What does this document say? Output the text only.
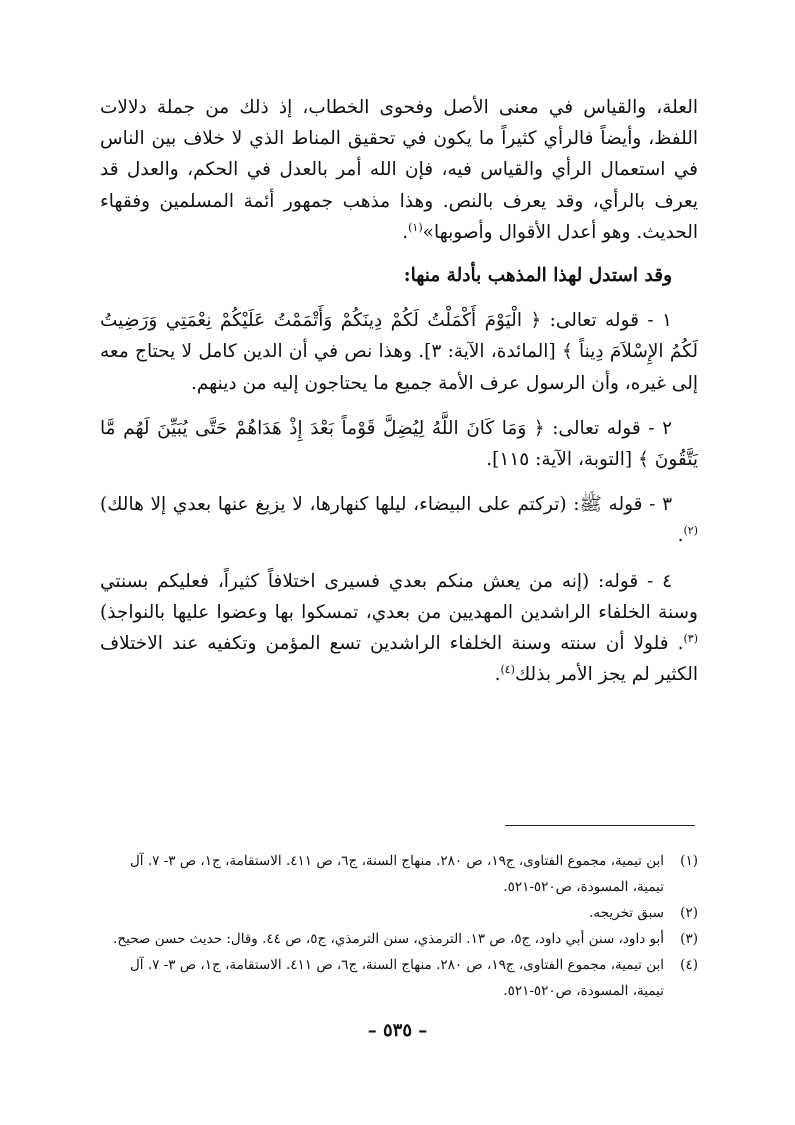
العلة، والقياس في معنى الأصل وفحوى الخطاب، إذ ذلك من جملة دلالات اللفظ، وأيضاً فالرأي كثيراً ما يكون في تحقيق المناط الذي لا خلاف بين الناس في استعمال الرأي والقياس فيه، فإن الله أمر بالعدل في الحكم، والعدل قد يعرف بالرأي، وقد يعرف بالنص. وهذا مذهب جمهور أئمة المسلمين وفقهاء الحديث. وهو أعدل الأقوال وأصوبها»$^{(١)}$.

وقد استدل لهذا المذهب بأدلة منها:

١ - قوله تعالى: ﴿ الْيَوْمَ أَكْمَلْتُ لَكُمْ دِينَكُمْ وَأَتْمَمْتُ عَلَيْكُمْ نِعْمَتِي وَرَضِيتُ لَكُمُ الإِسْلاَمَ دِيناً ﴾ [المائدة، الآية: ٣]. وهذا نص في أن الدين كامل لا يحتاج معه إلى غيره، وأن الرسول عرف الأمة جميع ما يحتاجون إليه من دينهم.

٢ - قوله تعالى: ﴿ وَمَا كَانَ اللَّهُ لِيُضِلَّ قَوْماً بَعْدَ إِذْ هَدَاهُمْ حَتَّى يُبَيِّنَ لَهُم مَّا يَتَّقُونَ ﴾ [التوبة، الآية: ١١٥].

٣ - قوله ﷺ: (تركتم على البيضاء، ليلها كنهارها، لا يزيغ عنها بعدي إلا هالك)$^{(٢)}$.

٤ - قوله: (إنه من يعش منكم بعدي فسيرى اختلافاً كثيراً، فعليكم بسنتي وسنة الخلفاء الراشدين المهديين من بعدي، تمسكوا بها وعضوا عليها بالنواجذ)$^{(٣)}$. فلولا أن سنته وسنة الخلفاء الراشدين تسع المؤمن وتكفيه عند الاختلاف الكثير لم يجز الأمر بذلك$^{(٤)}$.

(١)
ابن تيمية، مجموع الفتاوى، ج١٩، ص ٢٨٠. منهاج السنة، ج٦، ص ٤١١. الاستقامة، ج١، ص ٣- ٧. آل تيمية، المسودة، ص٥٢٠-٥٢١.
(٢)
سبق تخريجه.
(٣)
أبو داود، سنن أبي داود، ج٥، ص ١٣. الترمذي، سنن الترمذي، ج٥، ص ٤٤. وقال: حديث حسن صحيح.
(٤)
ابن تيمية، مجموع الفتاوى، ج١٩، ص ٢٨٠. منهاج السنة، ج٦، ص ٤١١. الاستقامة، ج١، ص ٣- ٧. آل تيمية، المسودة، ص٥٢٠-٥٢١.
– ٥٣٥ –
